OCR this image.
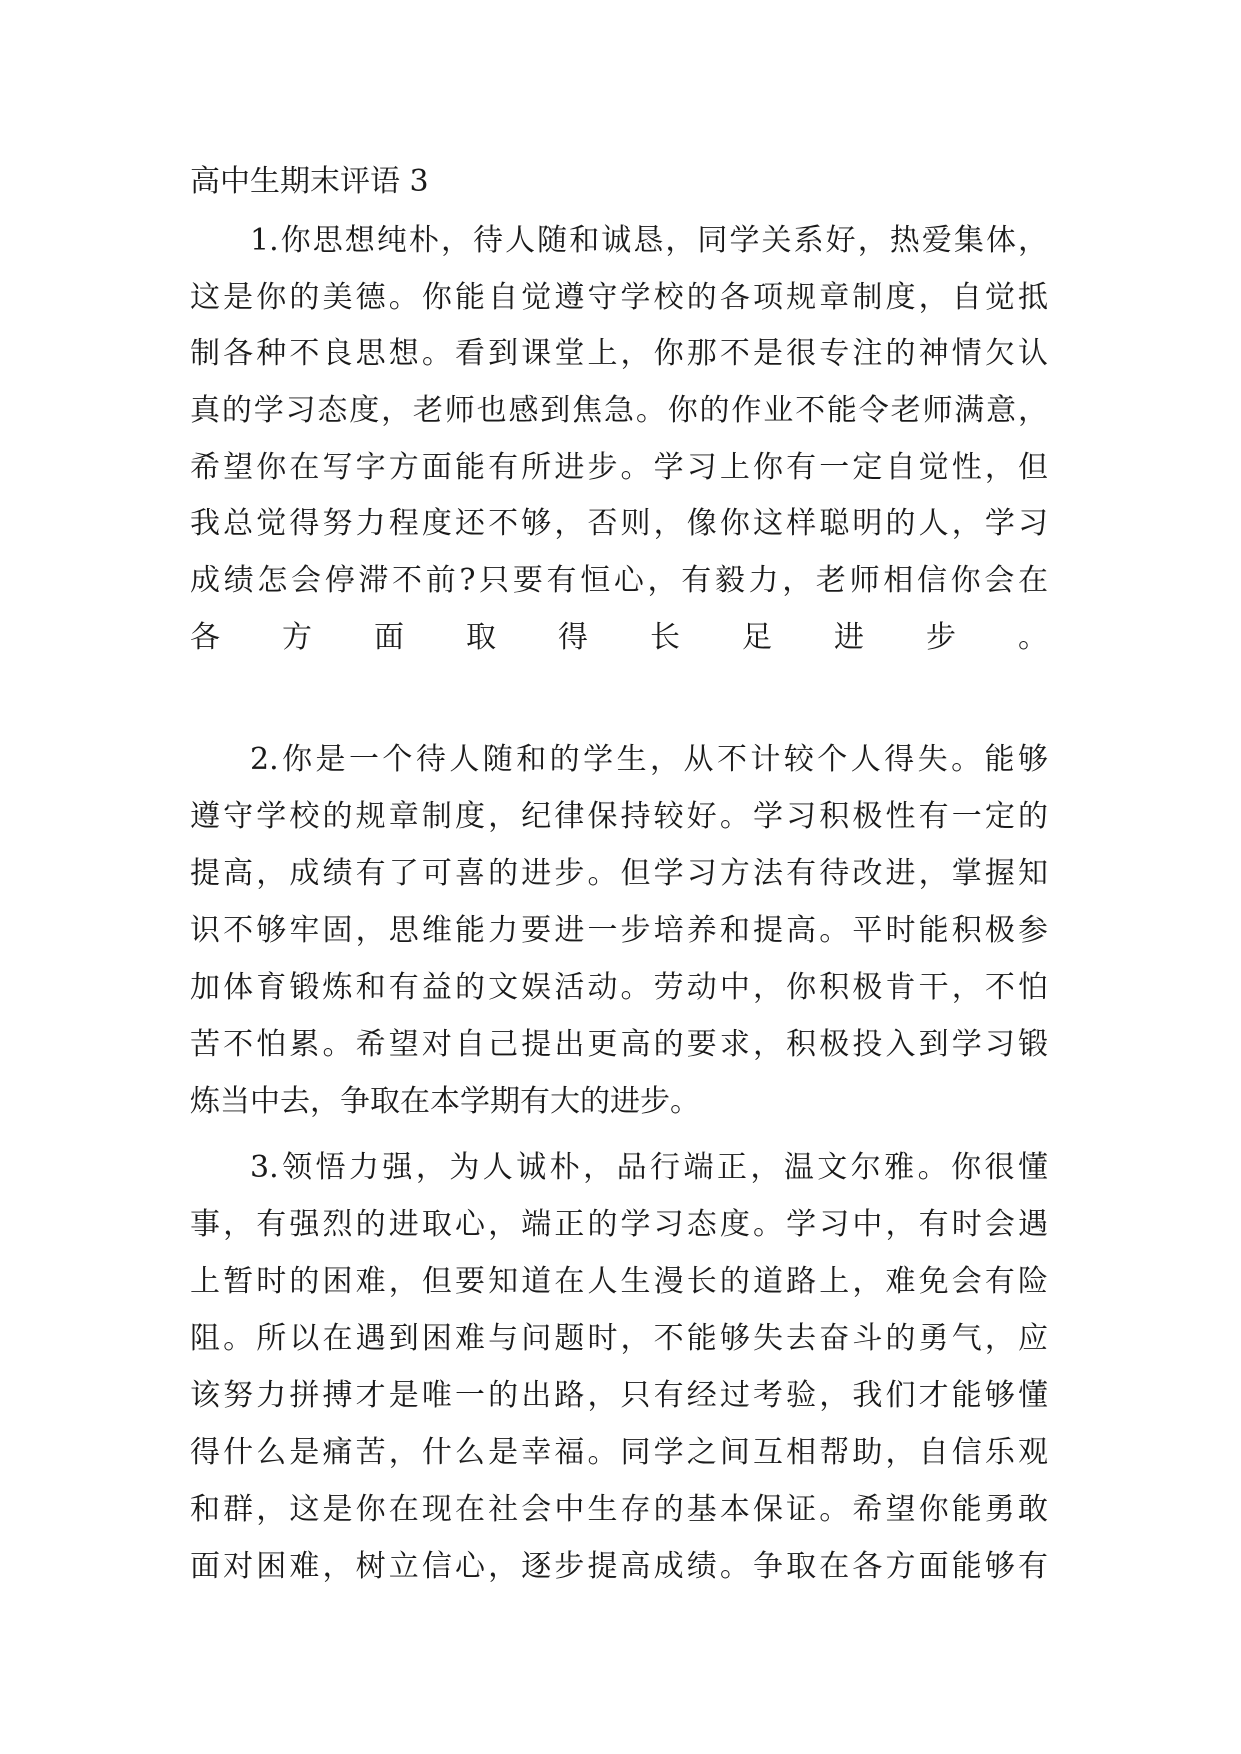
高中生期末评语 3
1.你思想纯朴，待人随和诚恳，同学关系好，热爱集体，
这是你的美德。你能自觉遵守学校的各项规章制度，自觉抵
制各种不良思想。看到课堂上，你那不是很专注的神情欠认
真的学习态度，老师也感到焦急。你的作业不能令老师满意，
希望你在写字方面能有所进步。学习上你有一定自觉性，但
我总觉得努力程度还不够，否则，像你这样聪明的人，学习
成绩怎会停滞不前?只要有恒心，有毅力，老师相信你会在
各方面取得长足进步。
2.你是一个待人随和的学生，从不计较个人得失。能够
遵守学校的规章制度，纪律保持较好。学习积极性有一定的
提高，成绩有了可喜的进步。但学习方法有待改进，掌握知
识不够牢固，思维能力要进一步培养和提高。平时能积极参
加体育锻炼和有益的文娱活动。劳动中，你积极肯干，不怕
苦不怕累。希望对自己提出更高的要求，积极投入到学习锻
炼当中去，争取在本学期有大的进步。
3.领悟力强，为人诚朴，品行端正，温文尔雅。你很懂
事，有强烈的进取心，端正的学习态度。学习中，有时会遇
上暂时的困难，但要知道在人生漫长的道路上，难免会有险
阻。所以在遇到困难与问题时，不能够失去奋斗的勇气，应
该努力拼搏才是唯一的出路，只有经过考验，我们才能够懂
得什么是痛苦，什么是幸福。同学之间互相帮助，自信乐观
和群，这是你在现在社会中生存的基本保证。希望你能勇敢
面对困难，树立信心，逐步提高成绩。争取在各方面能够有
